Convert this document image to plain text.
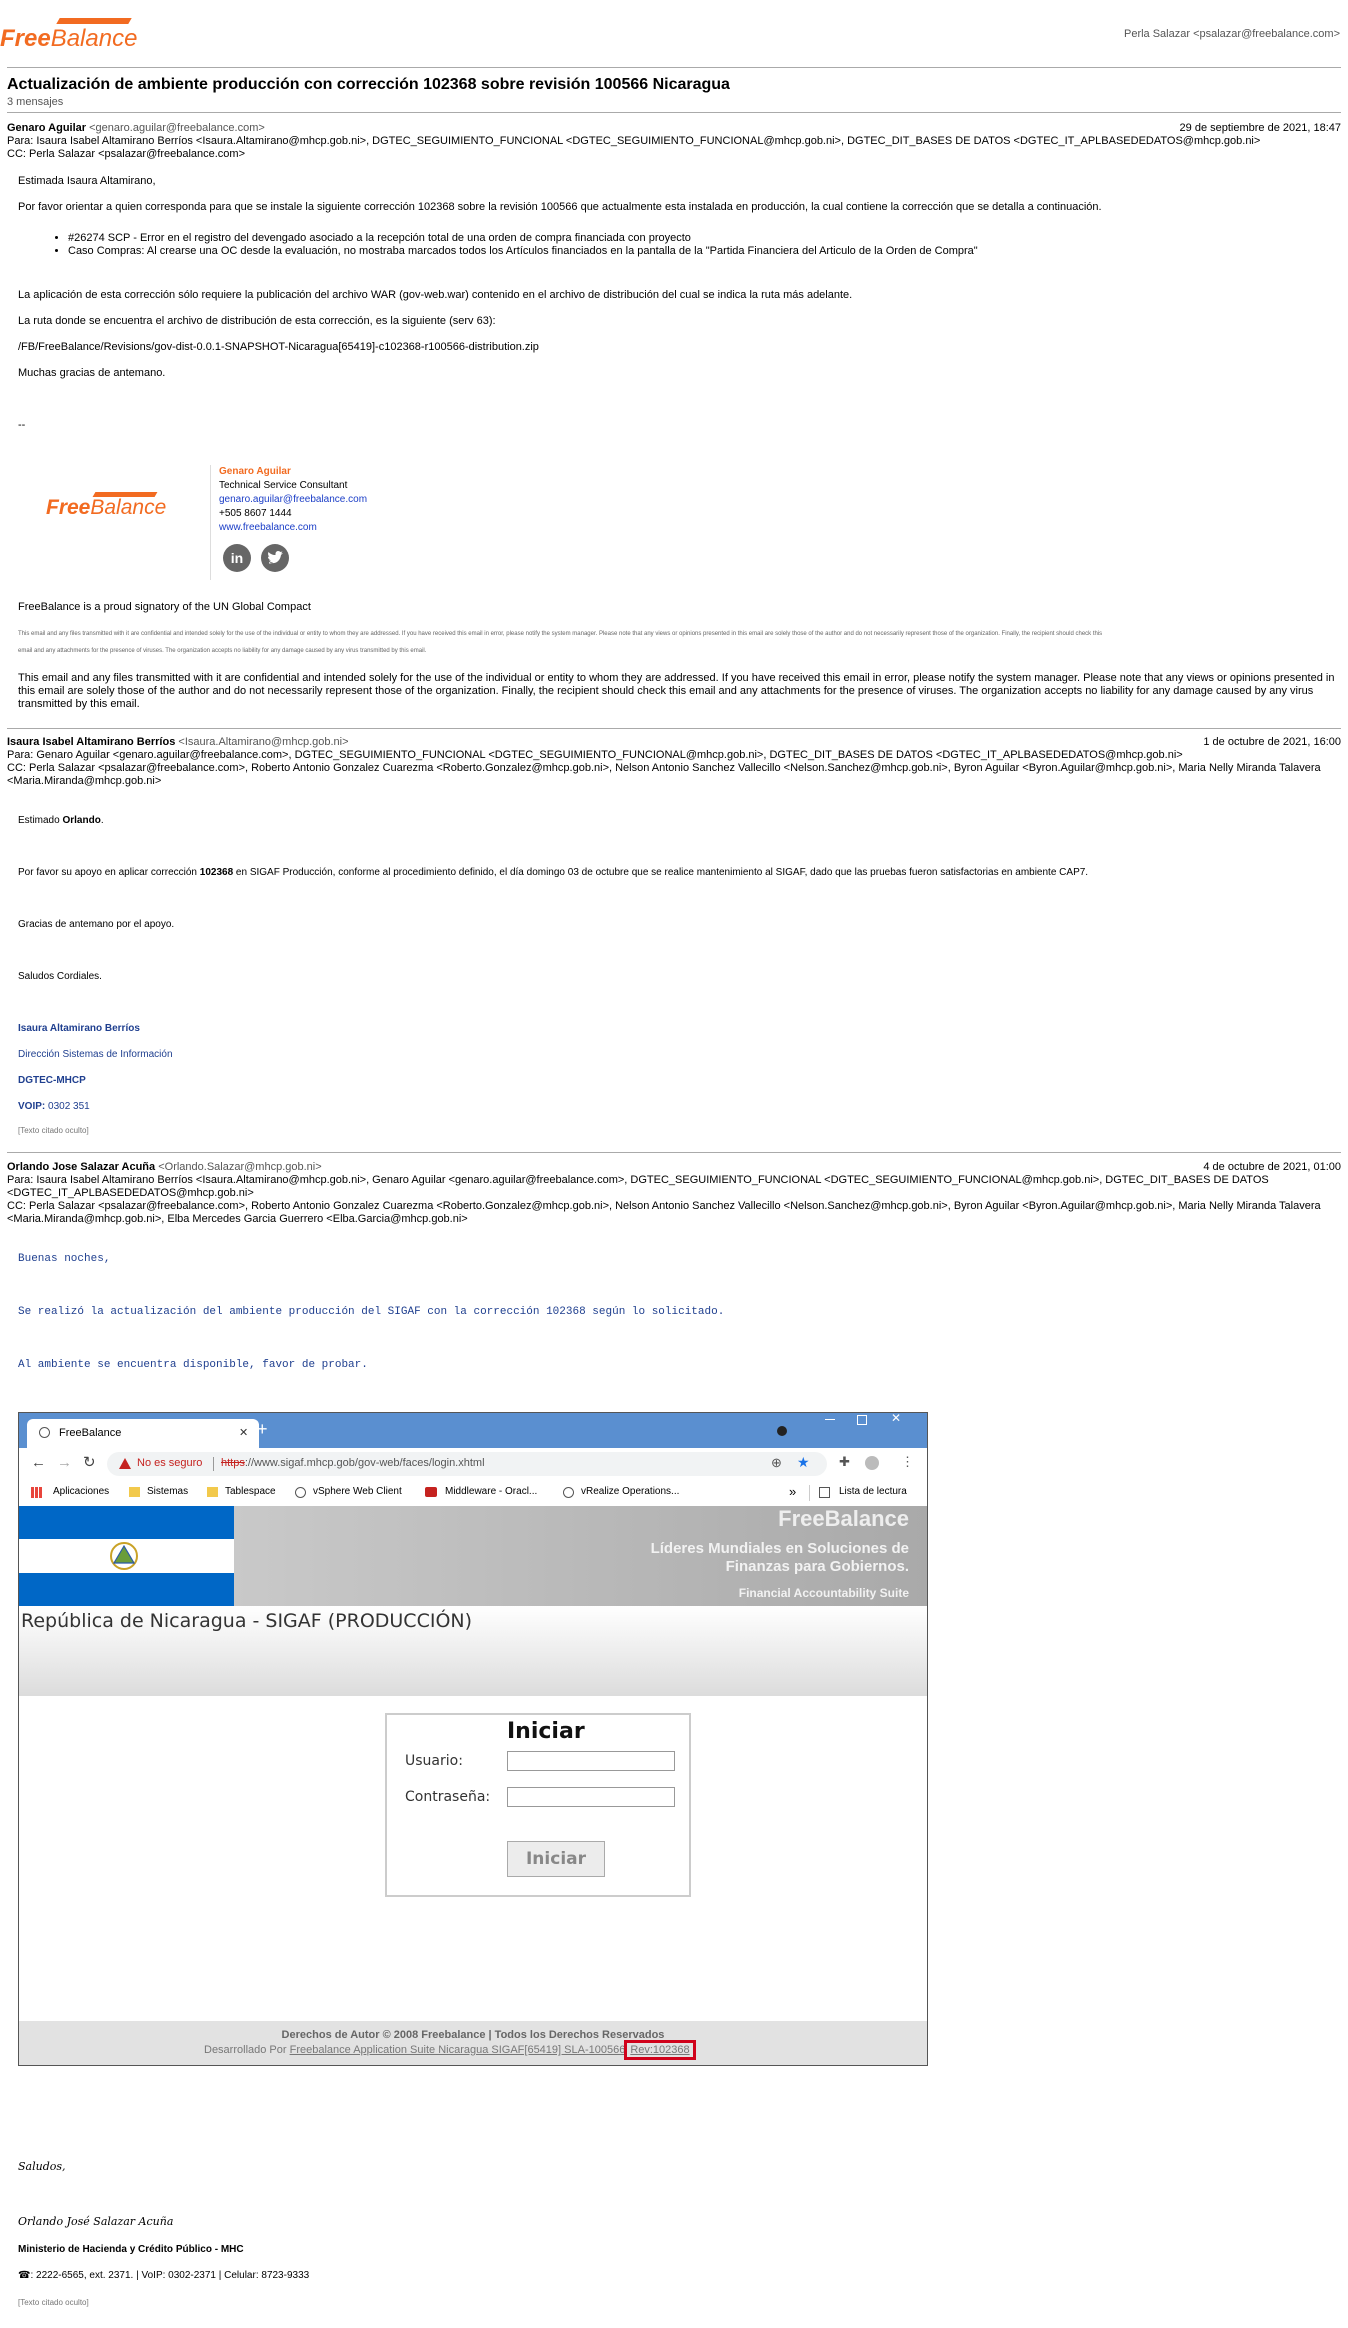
FreeBalance	Perla Salazar <psalazar@freebalance.com>
Actualización de ambiente producción con corrección 102368 sobre revisión 100566 Nicaragua
3 mensajes
Genaro Aguilar <genaro.aguilar@freebalance.com>	29 de septiembre de 2021, 18:47
Para: Isaura Isabel Altamirano Berríos <Isaura.Altamirano@mhcp.gob.ni>, DGTEC_SEGUIMIENTO_FUNCIONAL <DGTEC_SEGUIMIENTO_FUNCIONAL@mhcp.gob.ni>, DGTEC_DIT_BASES DE DATOS <DGTEC_IT_APLBASEDEDATOS@mhcp.gob.ni>
CC: Perla Salazar <psalazar@freebalance.com>
Estimada Isaura Altamirano,
Por favor orientar a quien corresponda para que se instale la siguiente corrección 102368 sobre la revisión 100566 que actualmente esta instalada en producción, la cual contiene la corrección que se detalla a continuación.
• #26274 SCP - Error en el registro del devengado asociado a la recepción total de una orden de compra financiada con proyecto
• Caso Compras: Al crearse una OC desde la evaluación, no mostraba marcados todos los Artículos financiados en la pantalla de la "Partida Financiera del Articulo de la Orden de Compra"
La aplicación de esta corrección sólo requiere la publicación del archivo WAR (gov-web.war) contenido en el archivo de distribución del cual se indica la ruta más adelante.
La ruta donde se encuentra el archivo de distribución de esta corrección, es la siguiente (serv 63):
/FB/FreeBalance/Revisions/gov-dist-0.0.1-SNAPSHOT-Nicaragua[65419]-c102368-r100566-distribution.zip
Muchas gracias de antemano.
--
FreeBalance
Genaro Aguilar
Technical Service Consultant
genaro.aguilar@freebalance.com
+505 8607 1444
www.freebalance.com
in
FreeBalance is a proud signatory of the UN Global Compact
This email and any files transmitted with it are confidential and intended solely for the use of the individual or entity to whom they are addressed. If you have received this email in error, please notify the system manager. Please note that any views or opinions presented in this email are solely those of the author and do not necessarily represent those of the organization. Finally, the recipient should check this
email and any attachments for the presence of viruses. The organization accepts no liability for any damage caused by any virus transmitted by this email.
This email and any files transmitted with it are confidential and intended solely for the use of the individual or entity to whom they are addressed. If you have received this email in error, please notify the system manager. Please note that any views or opinions presented in this email are solely those of the author and do not necessarily represent those of the organization. Finally, the recipient should check this email and any attachments for the presence of viruses. The organization accepts no liability for any damage caused by any virus transmitted by this email.
Isaura Isabel Altamirano Berríos <Isaura.Altamirano@mhcp.gob.ni>	1 de octubre de 2021, 16:00
Para: Genaro Aguilar <genaro.aguilar@freebalance.com>, DGTEC_SEGUIMIENTO_FUNCIONAL <DGTEC_SEGUIMIENTO_FUNCIONAL@mhcp.gob.ni>, DGTEC_DIT_BASES DE DATOS <DGTEC_IT_APLBASEDEDATOS@mhcp.gob.ni>
CC: Perla Salazar <psalazar@freebalance.com>, Roberto Antonio Gonzalez Cuarezma <Roberto.Gonzalez@mhcp.gob.ni>, Nelson Antonio Sanchez Vallecillo <Nelson.Sanchez@mhcp.gob.ni>, Byron Aguilar <Byron.Aguilar@mhcp.gob.ni>, Maria Nelly Miranda Talavera <Maria.Miranda@mhcp.gob.ni>
Estimado Orlando.
Por favor su apoyo en aplicar corrección 102368 en SIGAF Producción, conforme al procedimiento definido, el día domingo 03 de octubre que se realice mantenimiento al SIGAF, dado que las pruebas fueron satisfactorias en ambiente CAP7.
Gracias de antemano por el apoyo.
Saludos Cordiales.
Isaura Altamirano Berríos
Dirección Sistemas de Información
DGTEC-MHCP
VOIP: 0302 351
[Texto citado oculto]
Orlando Jose Salazar Acuña <Orlando.Salazar@mhcp.gob.ni>	4 de octubre de 2021, 01:00
Para: Isaura Isabel Altamirano Berríos <Isaura.Altamirano@mhcp.gob.ni>, Genaro Aguilar <genaro.aguilar@freebalance.com>, DGTEC_SEGUIMIENTO_FUNCIONAL <DGTEC_SEGUIMIENTO_FUNCIONAL@mhcp.gob.ni>, DGTEC_DIT_BASES DE DATOS <DGTEC_IT_APLBASEDEDATOS@mhcp.gob.ni>
CC: Perla Salazar <psalazar@freebalance.com>, Roberto Antonio Gonzalez Cuarezma <Roberto.Gonzalez@mhcp.gob.ni>, Nelson Antonio Sanchez Vallecillo <Nelson.Sanchez@mhcp.gob.ni>, Byron Aguilar <Byron.Aguilar@mhcp.gob.ni>, Maria Nelly Miranda Talavera <Maria.Miranda@mhcp.gob.ni>, Elba Mercedes Garcia Guerrero <Elba.Garcia@mhcp.gob.ni>
Buenas noches,
Se realizó la actualización del ambiente producción del SIGAF con la corrección 102368 según lo solicitado.
Al ambiente se encuentra disponible, favor de probar.
FreeBalance	✕ +
✕
← → ↻	No es seguro https://www.sigaf.mhcp.gob/gov-web/faces/login.xhtml	⊕ ★ ✚	⋮
Aplicaciones	Sistemas	Tablespace	vSphere Web Client	Middleware - Oracl...	vRealize Operations...	»	Lista de lectura
FreeBalance
Líderes Mundiales en Soluciones de
Finanzas para Gobiernos.
Financial Accountability Suite
República de Nicaragua - SIGAF (PRODUCCIÓN)
Iniciar
Usuario:
Contraseña:
Iniciar
Derechos de Autor © 2008 Freebalance | Todos los Derechos Reservados
Desarrollado Por Freebalance Application Suite Nicaragua SIGAF[65419] SLA-100566 Rev:102368
Saludos,
Orlando José Salazar Acuña
Ministerio de Hacienda y Crédito Público - MHC
☎: 2222-6565, ext. 2371. | VoIP: 0302-2371 | Celular: 8723-9333
[Texto citado oculto]
